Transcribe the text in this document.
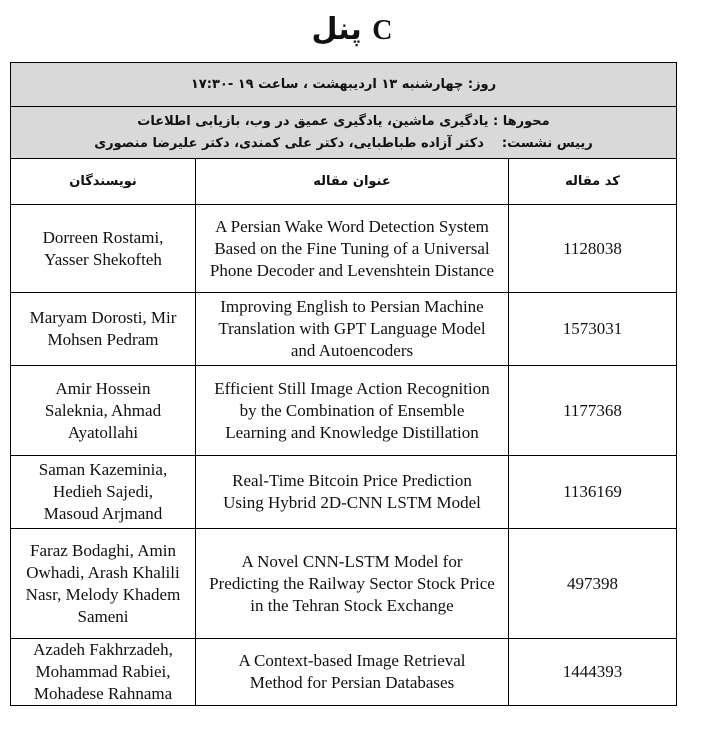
پنل C
روز: چهارشنبه ۱۳ اردیبهشت ، ساعت ۱۹ -۱۷:۳۰		

محورها : یادگیری ماشین، یادگیری عمیق در وب، بازیابی اطلاعات
رییس نشست:دکتر آزاده طباطبایی، دکتر علی کمندی، دکتر علیرضا منصوری		

نویسندگان	عنوان مقاله	کد مقاله
Dorreen Rostami, Yasser Shekofteh	A Persian Wake Word Detection System Based on the Fine Tuning of a Universal Phone Decoder and Levenshtein Distance	1128038
Maryam Dorosti, Mir Mohsen Pedram	Improving English to Persian Machine Translation with GPT Language Model and Autoencoders	1573031
Amir Hossein Saleknia, Ahmad Ayatollahi	Efficient Still Image Action Recognition by the Combination of Ensemble Learning and Knowledge Distillation	1177368
Saman Kazeminia, Hedieh Sajedi, Masoud Arjmand	Real-Time Bitcoin Price Prediction Using Hybrid 2D-CNN LSTM Model	1136169
Faraz Bodaghi, Amin Owhadi, Arash Khalili Nasr, Melody Khadem Sameni	A Novel CNN-LSTM Model for Predicting the Railway Sector Stock Price in the Tehran Stock Exchange	497398
Azadeh Fakhrzadeh, Mohammad Rabiei, Mohadese Rahnama	A Context-based Image Retrieval Method for Persian Databases	1444393
